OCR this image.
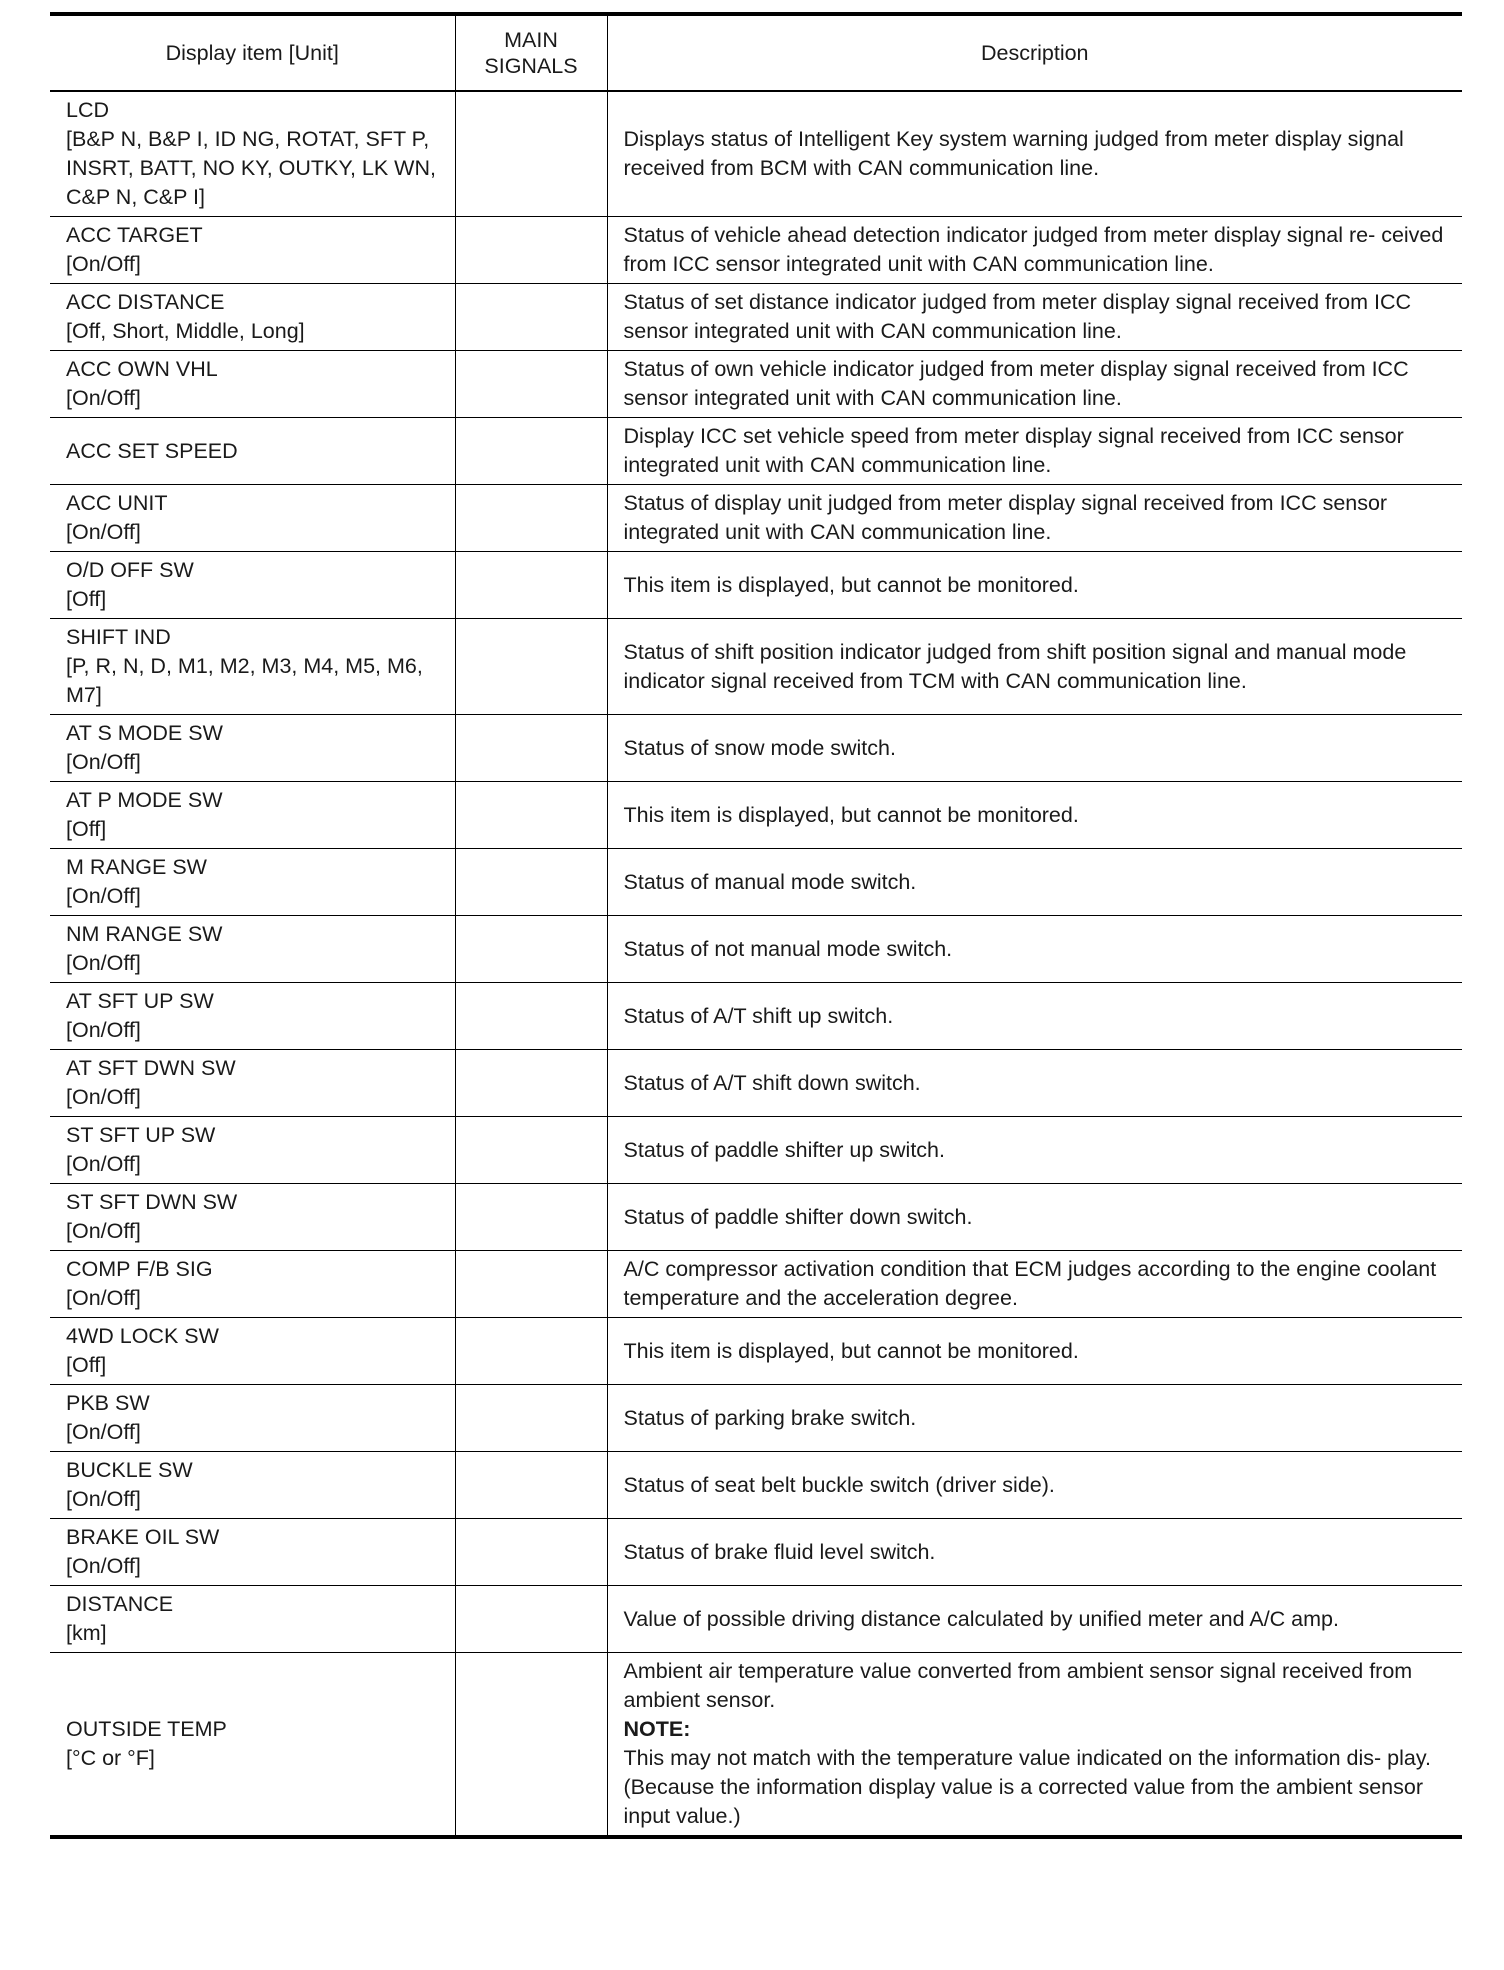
Display item [Unit]	MAIN
SIGNALS	Description

LCD
[B&P N, B&P I, ID NG, ROTAT, SFT P, INSRT, BATT, NO KY, OUTKY, LK WN, C&P N, C&P I]		Displays status of Intelligent Key system warning judged from meter display signal received from BCM with CAN communication line.

ACC TARGET
[On/Off]		Status of vehicle ahead detection indicator judged from meter display signal re- ceived from ICC sensor integrated unit with CAN communication line.

ACC DISTANCE
[Off, Short, Middle, Long]		Status of set distance indicator judged from meter display signal received from ICC sensor integrated unit with CAN communication line.

ACC OWN VHL
[On/Off]		Status of own vehicle indicator judged from meter display signal received from ICC sensor integrated unit with CAN communication line.

ACC SET SPEED		Display ICC set vehicle speed from meter display signal received from ICC sensor integrated unit with CAN communication line.

ACC UNIT
[On/Off]		Status of display unit judged from meter display signal received from ICC sensor integrated unit with CAN communication line.

O/D OFF SW
[Off]		This item is displayed, but cannot be monitored.

SHIFT IND
[P, R, N, D, M1, M2, M3, M4, M5, M6, M7]		Status of shift position indicator judged from shift position signal and manual mode indicator signal received from TCM with CAN communication line.

AT S MODE SW
[On/Off]		Status of snow mode switch.

AT P MODE SW
[Off]		This item is displayed, but cannot be monitored.

M RANGE SW
[On/Off]		Status of manual mode switch.

NM RANGE SW
[On/Off]		Status of not manual mode switch.

AT SFT UP SW
[On/Off]		Status of A/T shift up switch.

AT SFT DWN SW
[On/Off]		Status of A/T shift down switch.

ST SFT UP SW
[On/Off]		Status of paddle shifter up switch.

ST SFT DWN SW
[On/Off]		Status of paddle shifter down switch.

COMP F/B SIG
[On/Off]		A/C compressor activation condition that ECM judges according to the engine coolant temperature and the acceleration degree.

4WD LOCK SW
[Off]		This item is displayed, but cannot be monitored.

PKB SW
[On/Off]		Status of parking brake switch.

BUCKLE SW
[On/Off]		Status of seat belt buckle switch (driver side).

BRAKE OIL SW
[On/Off]		Status of brake fluid level switch.

DISTANCE
[km]		Value of possible driving distance calculated by unified meter and A/C amp.

OUTSIDE TEMP
[°C or °F]		Ambient air temperature value converted from ambient sensor signal received from ambient sensor.
NOTE:
This may not match with the temperature value indicated on the information dis- play. (Because the information display value is a corrected value from the ambient sensor input value.)
